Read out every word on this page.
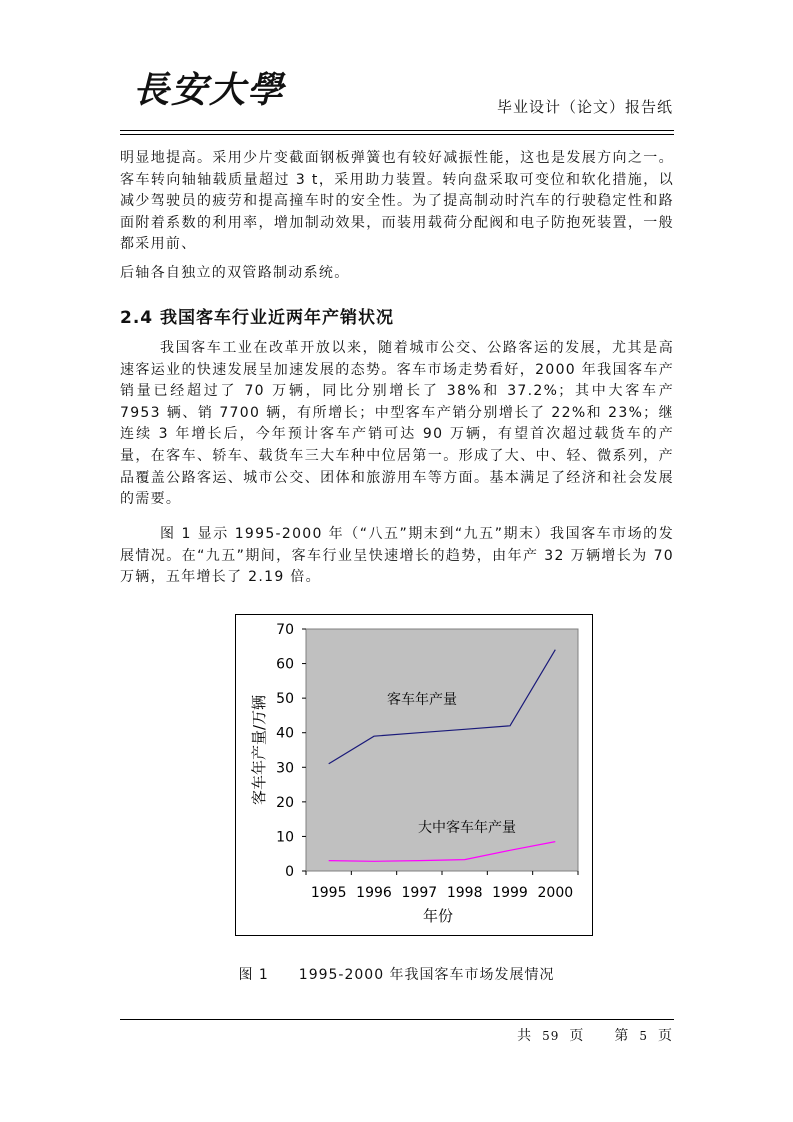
長安大學	毕业设计（论文）报告纸

明显地提高。采用少片变截面钢板弹簧也有较好减振性能，这也是发展方向之一。客车转向轴轴载质量超过 3 t，采用助力装置。转向盘采取可变位和软化措施，以减少驾驶员的疲劳和提高撞车时的安全性。为了提高制动时汽车的行驶稳定性和路面附着系数的利用率，增加制动效果，而装用载荷分配阀和电子防抱死装置，一般都采用前、

后轴各自独立的双管路制动系统。

2.4 我国客车行业近两年产销状况

我国客车工业在改革开放以来，随着城市公交、公路客运的发展，尤其是高速客运业的快速发展呈加速发展的态势。客车市场走势看好，2000 年我国客车产销量已经超过了 70 万辆，同比分别增长了 38%和 37.2%；其中大客车产 7953 辆、销 7700 辆，有所增长；中型客车产销分别增长了 22%和 23%；继连续 3 年增长后，今年预计客车产销可达 90 万辆，有望首次超过载货车的产量，在客车、轿车、载货车三大车种中位居第一。形成了大、中、轻、微系列，产品覆盖公路客运、城市公交、团体和旅游用车等方面。基本满足了经济和社会发展的需要。

图 1 显示 1995-2000 年（“八五”期末到“九五”期末）我国客车市场的发展情况。在“九五”期间，客车行业呈快速增长的趋势，由年产 32 万辆增长为 70 万辆，五年增长了 2.19 倍。

0
10
20
30
40
50
60
70
1995 1996 1997 1998 1999 2000
客车年产量
大中客车年产量
年份
客车年产量/万辆
图 1　　1995-2000 年我国客车市场发展情况
共 59 页 第 5 页
